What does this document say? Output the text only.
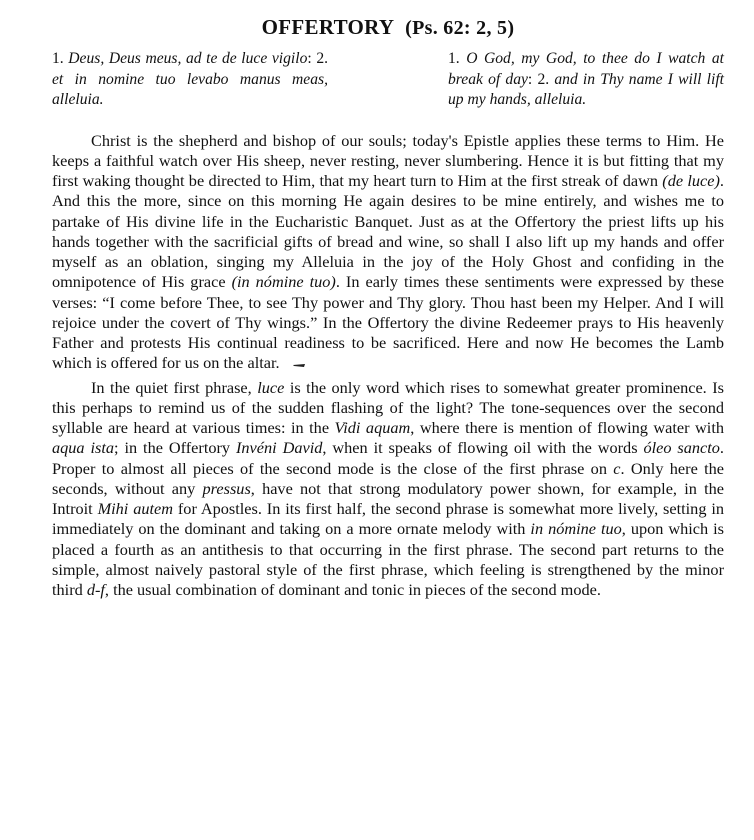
OFFERTORY (Ps. 62: 2, 5)
1. Deus, Deus meus, ad te de luce vigilo: 2. et in nomine tuo levabo manus meas, alleluia.
1. O God, my God, to thee do I watch at break of day: 2. and in Thy name I will lift up my hands, alleluia.

Christ is the shepherd and bishop of our souls; today's Epistle applies these terms to Him. He keeps a faithful watch over His sheep, never resting, never slumbering. Hence it is but fitting that my first waking thought be directed to Him, that my heart turn to Him at the first streak of dawn (de luce). And this the more, since on this morning He again desires to be mine entirely, and wishes me to partake of His divine life in the Eucharistic Banquet. Just as at the Offertory the priest lifts up his hands together with the sacrificial gifts of bread and wine, so shall I also lift up my hands and offer myself as an oblation, singing my Alleluia in the joy of the Holy Ghost and confiding in the omnipotence of His grace (in nómine tuo). In early times these sentiments were expressed by these verses: “I come before Thee, to see Thy power and Thy glory. Thou hast been my Helper. And I will rejoice under the covert of Thy wings.” In the Offertory the divine Redeemer prays to His heavenly Father and protests His continual readiness to be sacrificed. Here and now He becomes the Lamb which is offered for us on the altar.

In the quiet first phrase, luce is the only word which rises to somewhat greater prominence. Is this perhaps to remind us of the sudden flashing of the light? The tone-sequences over the second syllable are heard at various times: in the Vidi aquam, where there is mention of flowing water with aqua ista; in the Offertory Invéni David, when it speaks of flowing oil with the words óleo sancto. Proper to almost all pieces of the second mode is the close of the first phrase on c. Only here the seconds, without any pressus, have not that strong modulatory power shown, for example, in the Introit Mihi autem for Apostles. In its first half, the second phrase is somewhat more lively, setting in immediately on the dominant and taking on a more ornate melody with in nómine tuo, upon which is placed a fourth as an antithesis to that occurring in the first phrase. The second part returns to the simple, almost naively pastoral style of the first phrase, which feeling is strengthened by the minor third d-f, the usual combination of dominant and tonic in pieces of the second mode.
